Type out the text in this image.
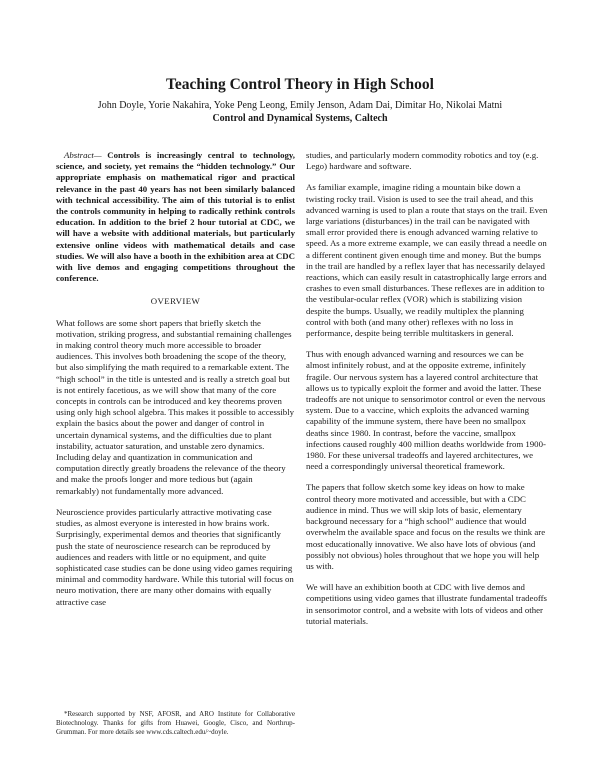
Teaching Control Theory in High School
John Doyle, Yorie Nakahira, Yoke Peng Leong, Emily Jenson, Adam Dai, Dimitar Ho, Nikolai Matni
Control and Dynamical Systems, Caltech

Abstract— Controls is increasingly central to technology, science, and society, yet remains the “hidden technology.” Our appropriate emphasis on mathematical rigor and practical relevance in the past 40 years has not been similarly balanced with technical accessibility. The aim of this tutorial is to enlist the controls community in helping to radically rethink controls education. In addition to the brief 2 hour tutorial at CDC, we will have a website with additional materials, but particularly extensive online videos with mathematical details and case studies. We will also have a booth in the exhibition area at CDC with live demos and engaging competitions throughout the conference.

OVERVIEW

What follows are some short papers that briefly sketch the motivation, striking progress, and substantial remaining challenges in making control theory much more accessible to broader audiences. This involves both broadening the scope of the theory, but also simplifying the math required to a remarkable extent. The “high school” in the title is untested and is really a stretch goal but is not entirely facetious, as we will show that many of the core concepts in controls can be introduced and key theorems proven using only high school algebra. This makes it possible to accessibly explain the basics about the power and danger of control in uncertain dynamical systems, and the difficulties due to plant instability, actuator saturation, and unstable zero dynamics. Including delay and quantization in communication and computation directly greatly broadens the relevance of the theory and make the proofs longer and more tedious but (again remarkably) not fundamentally more advanced.

Neuroscience provides particularly attractive motivating case studies, as almost everyone is interested in how brains work. Surprisingly, experimental demos and theories that significantly push the state of neuroscience research can be reproduced by audiences and readers with little or no equipment, and quite sophisticated case studies can be done using video games requiring minimal and commodity hardware. While this tutorial will focus on neuro motivation, there are many other domains with equally attractive case

studies, and particularly modern commodity robotics and toy (e.g. Lego) hardware and software.

As familiar example, imagine riding a mountain bike down a twisting rocky trail. Vision is used to see the trail ahead, and this advanced warning is used to plan a route that stays on the trail. Even large variations (disturbances) in the trail can be navigated with small error provided there is enough advanced warning relative to speed. As a more extreme example, we can easily thread a needle on a different continent given enough time and money. But the bumps in the trail are handled by a reflex layer that has necessarily delayed reactions, which can easily result in catastrophically large errors and crashes to even small disturbances. These reflexes are in addition to the vestibular-ocular reflex (VOR) which is stabilizing vision despite the bumps. Usually, we readily multiplex the planning control with both (and many other) reflexes with no loss in performance, despite being terrible multitaskers in general.

Thus with enough advanced warning and resources we can be almost infinitely robust, and at the opposite extreme, infinitely fragile. Our nervous system has a layered control architecture that allows us to typically exploit the former and avoid the latter. These tradeoffs are not unique to sensorimotor control or even the nervous system. Due to a vaccine, which exploits the advanced warning capability of the immune system, there have been no smallpox deaths since 1980. In contrast, before the vaccine, smallpox infections caused roughly 400 million deaths worldwide from 1900-1980. For these universal tradeoffs and layered architectures, we need a correspondingly universal theoretical framework.

The papers that follow sketch some key ideas on how to make control theory more motivated and accessible, but with a CDC audience in mind. Thus we will skip lots of basic, elementary background necessary for a “high school” audience that would overwhelm the available space and focus on the results we think are most educationally innovative. We also have lots of obvious (and possibly not obvious) holes throughout that we hope you will help us with.

We will have an exhibition booth at CDC with live demos and competitions using video games that illustrate fundamental tradeoffs in sensorimotor control, and a website with lots of videos and other tutorial materials.

*Research supported by NSF, AFOSR, and ARO Institute for Collaborative Biotechnology. Thanks for gifts from Huawei, Google, Cisco, and Northrup-Grumman. For more details see www.cds.caltech.edu/~doyle.
